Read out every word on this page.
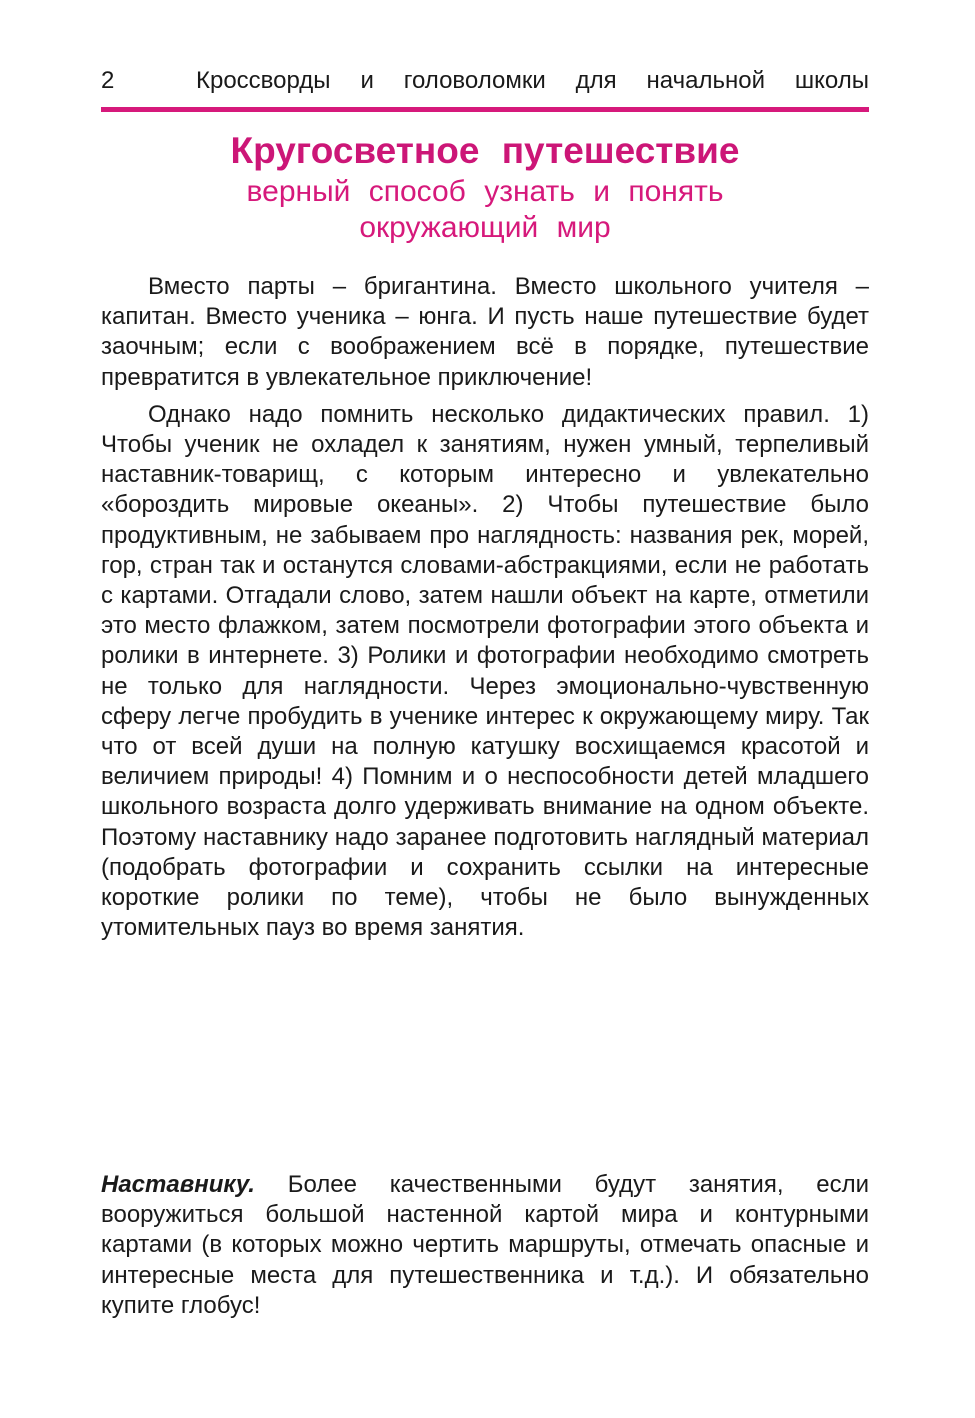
2	Кроссворды и головоломки для начальной школы
Кругосветное путешествие
верный способ узнать и понять
окружающий мир

Вместо парты – бригантина. Вместо школьного учителя – капитан. Вместо ученика – юнга. И пусть наше путешествие будет заочным; если с воображением всё в порядке, путешествие превратится в увлекательное приключение!

Однако надо помнить несколько дидактических правил. 1) Чтобы ученик не охладел к занятиям, нужен умный, терпеливый наставник-товарищ, с которым интересно и увлекательно «бороздить мировые океаны». 2) Чтобы путешествие было продуктивным, не забываем про наглядность: названия рек, морей, гор, стран так и останутся словами-абстракциями, если не работать с картами. Отгадали слово, затем нашли объект на карте, отметили это место флажком, затем посмотрели фотографии этого объекта и ролики в интернете. 3) Ролики и фотографии необходимо смотреть не только для наглядности. Через эмоционально-чувственную сферу легче пробудить в ученике интерес к окружающему миру. Так что от всей души на полную катушку восхищаемся красотой и величием природы! 4) Помним и о неспособности детей младшего школьного возраста долго удерживать внимание на одном объекте. Поэтому наставнику надо заранее подготовить наглядный материал (подобрать фотографии и сохранить ссылки на интересные короткие ролики по теме), чтобы не было вынужденных утомительных пауз во время занятия.

Наставнику. Более качественными будут занятия, если вооружиться большой настенной картой мира и контурными картами (в которых можно чертить маршруты, отмечать опасные и интересные места для путешественника и т.д.). И обязательно купите глобус!
